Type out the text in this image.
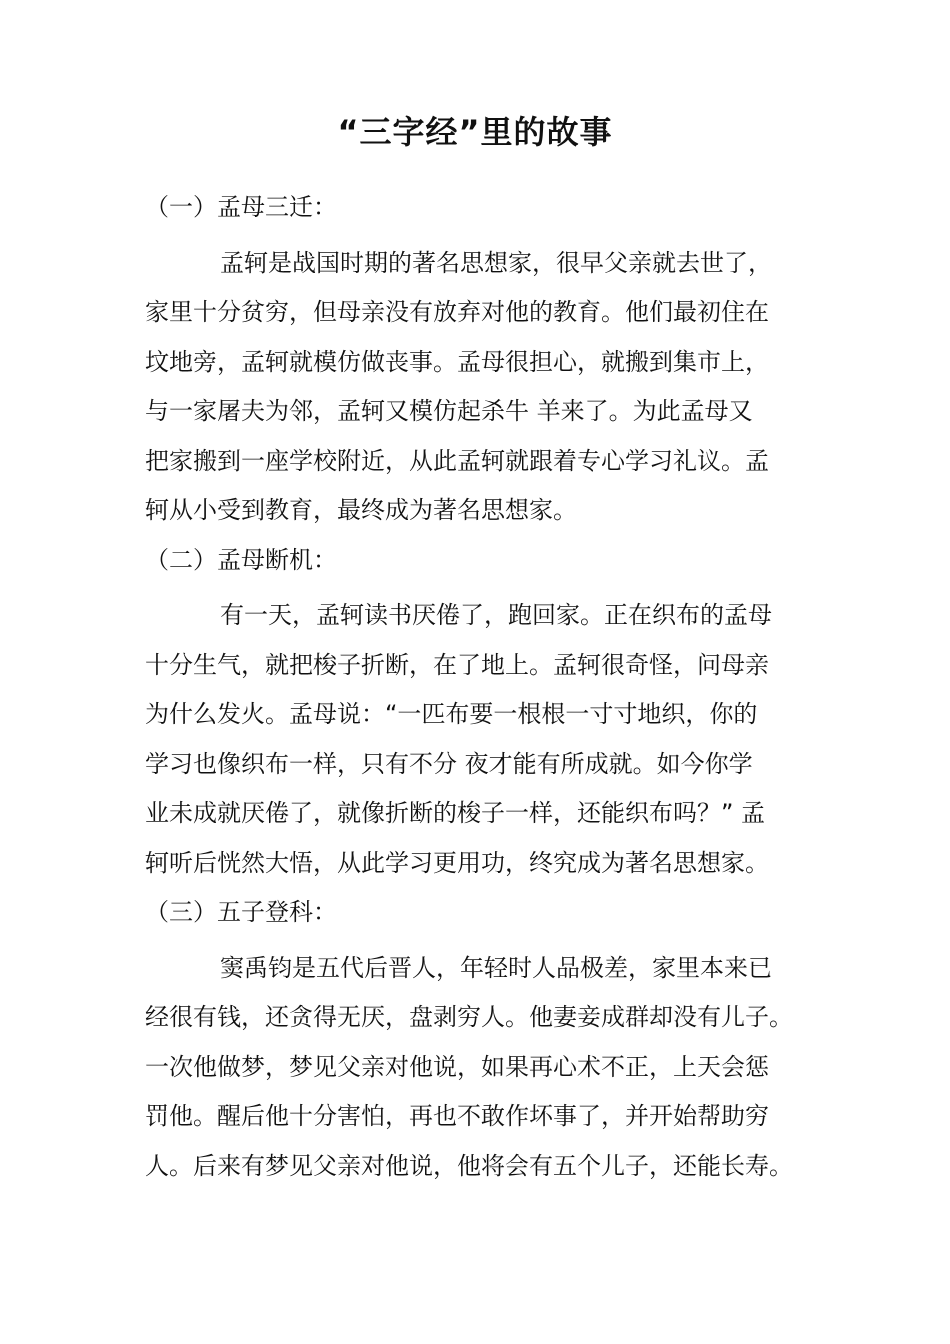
“三字经”里的故事
（一）孟母三迁：
孟轲是战国时期的著名思想家，很早父亲就去世了，
家里十分贫穷，但母亲没有放弃对他的教育。他们最初住在
坟地旁，孟轲就模仿做丧事。孟母很担心，就搬到集市上，
与一家屠夫为邻，孟轲又模仿起杀牛 羊来了。为此孟母又
把家搬到一座学校附近，从此孟轲就跟着专心学习礼议。孟
轲从小受到教育，最终成为著名思想家。
（二）孟母断机：
有一天，孟轲读书厌倦了，跑回家。正在织布的孟母
十分生气，就把梭子折断，在了地上。孟轲很奇怪，问母亲
为什么发火。孟母说：“一匹布要一根根一寸寸地织，你的
学习也像织布一样，只有不分 夜才能有所成就。如今你学
业未成就厌倦了，就像折断的梭子一样，还能织布吗？” 孟
轲听后恍然大悟，从此学习更用功，终究成为著名思想家。
（三）五子登科：
窦禹钧是五代后晋人，年轻时人品极差，家里本来已
经很有钱，还贪得无厌，盘剥穷人。他妻妾成群却没有儿子。
一次他做梦，梦见父亲对他说，如果再心术不正，上天会惩
罚他。醒后他十分害怕，再也不敢作坏事了，并开始帮助穷
人。后来有梦见父亲对他说，他将会有五个儿子，还能长寿。
